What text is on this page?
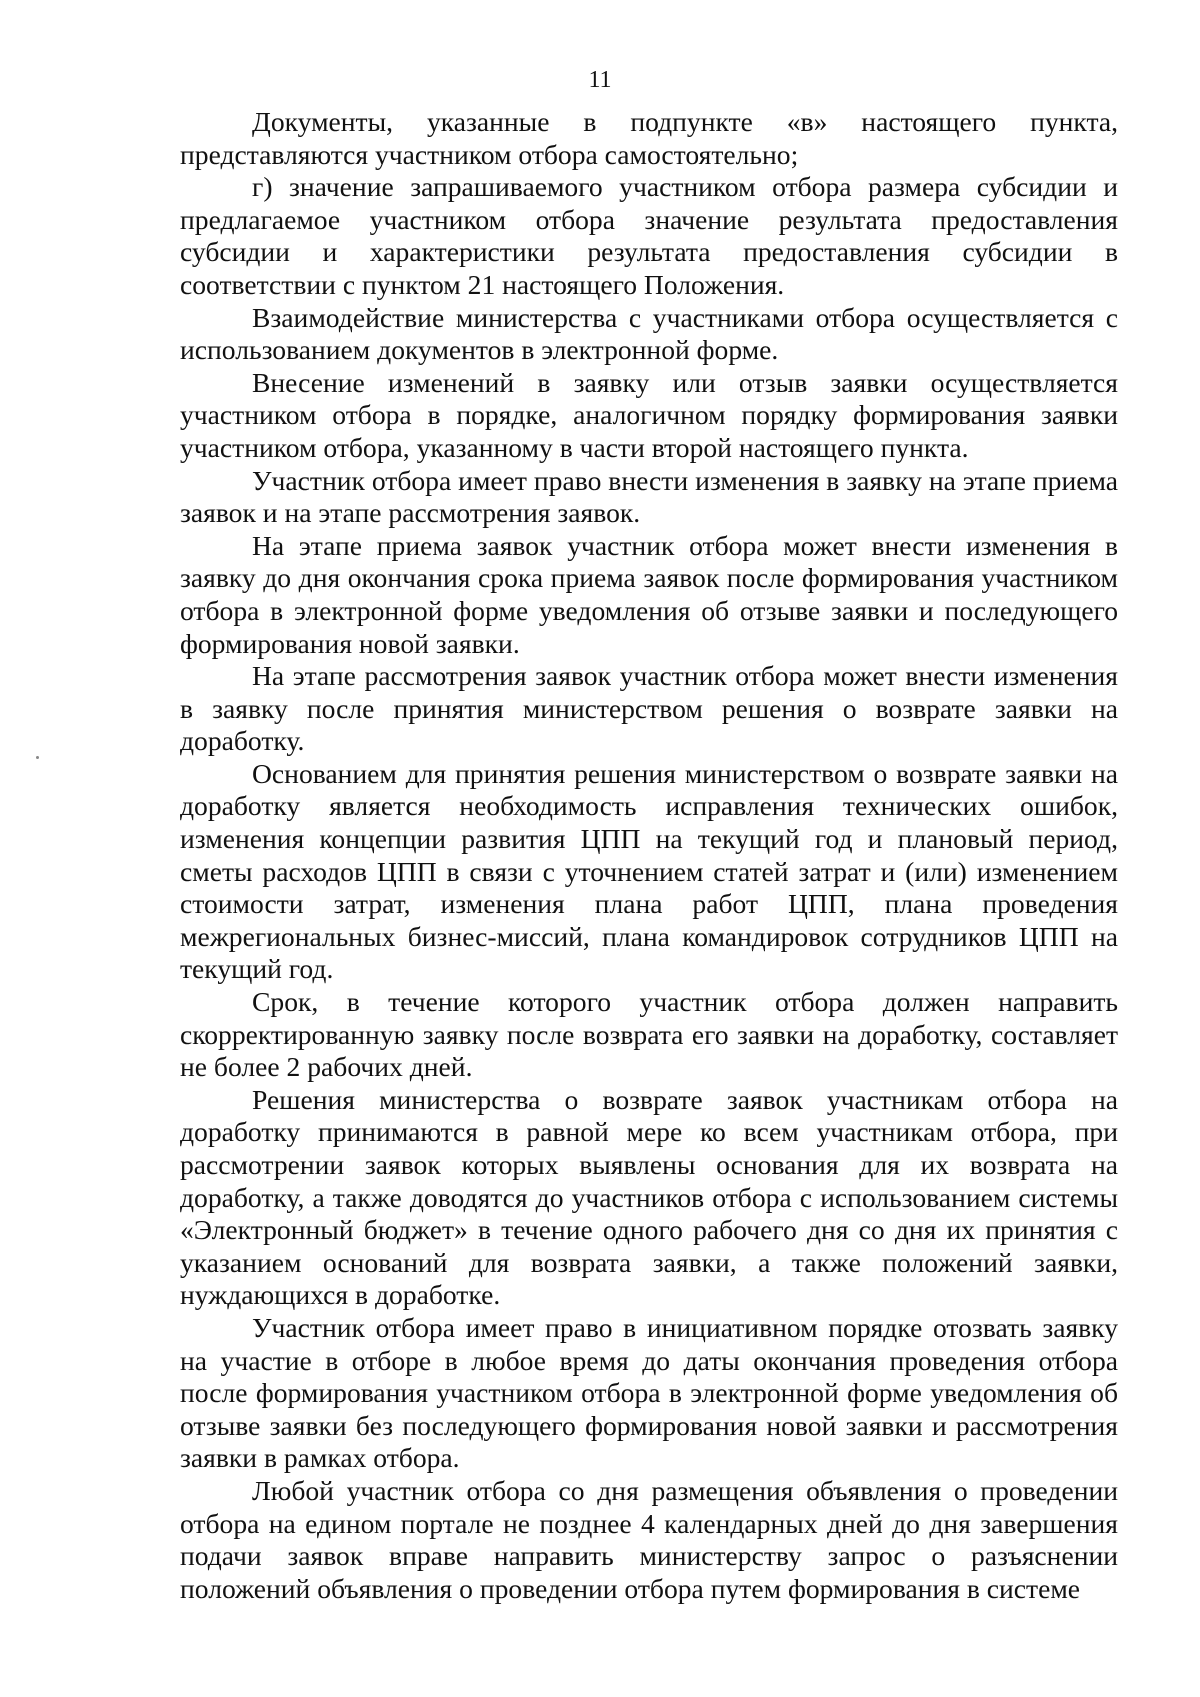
11

Документы, указанные в подпункте «в» настоящего пункта, представляются участником отбора самостоятельно;

г) значение запрашиваемого участником отбора размера субсидии и предлагаемое участником отбора значение результата предоставления субсидии и характеристики результата предоставления субсидии в соответствии с пунктом 21 настоящего Положения.

Взаимодействие министерства с участниками отбора осуществляется с использованием документов в электронной форме.

Внесение изменений в заявку или отзыв заявки осуществляется участником отбора в порядке, аналогичном порядку формирования заявки участником отбора, указанному в части второй настоящего пункта.

Участник отбора имеет право внести изменения в заявку на этапе приема заявок и на этапе рассмотрения заявок.

На этапе приема заявок участник отбора может внести изменения в заявку до дня окончания срока приема заявок после формирования участником отбора в электронной форме уведомления об отзыве заявки и последующего формирования новой заявки.

На этапе рассмотрения заявок участник отбора может внести изменения в заявку после принятия министерством решения о возврате заявки на доработку.

Основанием для принятия решения министерством о возврате заявки на доработку является необходимость исправления технических ошибок, изменения концепции развития ЦПП на текущий год и плановый период, сметы расходов ЦПП в связи с уточнением статей затрат и (или) изменением стоимости затрат, изменения плана работ ЦПП, плана проведения межрегиональных бизнес-миссий, плана командировок сотрудников ЦПП на текущий год.

Срок, в течение которого участник отбора должен направить скорректированную заявку после возврата его заявки на доработку, составляет не более 2 рабочих дней.

Решения министерства о возврате заявок участникам отбора на доработку принимаются в равной мере ко всем участникам отбора, при рассмотрении заявок которых выявлены основания для их возврата на доработку, а также доводятся до участников отбора с использованием системы «Электронный бюджет» в течение одного рабочего дня со дня их принятия с указанием оснований для возврата заявки, а также положений заявки, нуждающихся в доработке.

Участник отбора имеет право в инициативном порядке отозвать заявку на участие в отборе в любое время до даты окончания проведения отбора после формирования участником отбора в электронной форме уведомления об отзыве заявки без последующего формирования новой заявки и рассмотрения заявки в рамках отбора.

Любой участник отбора со дня размещения объявления о проведении отбора на едином портале не позднее 4 календарных дней до дня завершения подачи заявок вправе направить министерству запрос о разъяснении положений объявления о проведении отбора путем формирования в системе
